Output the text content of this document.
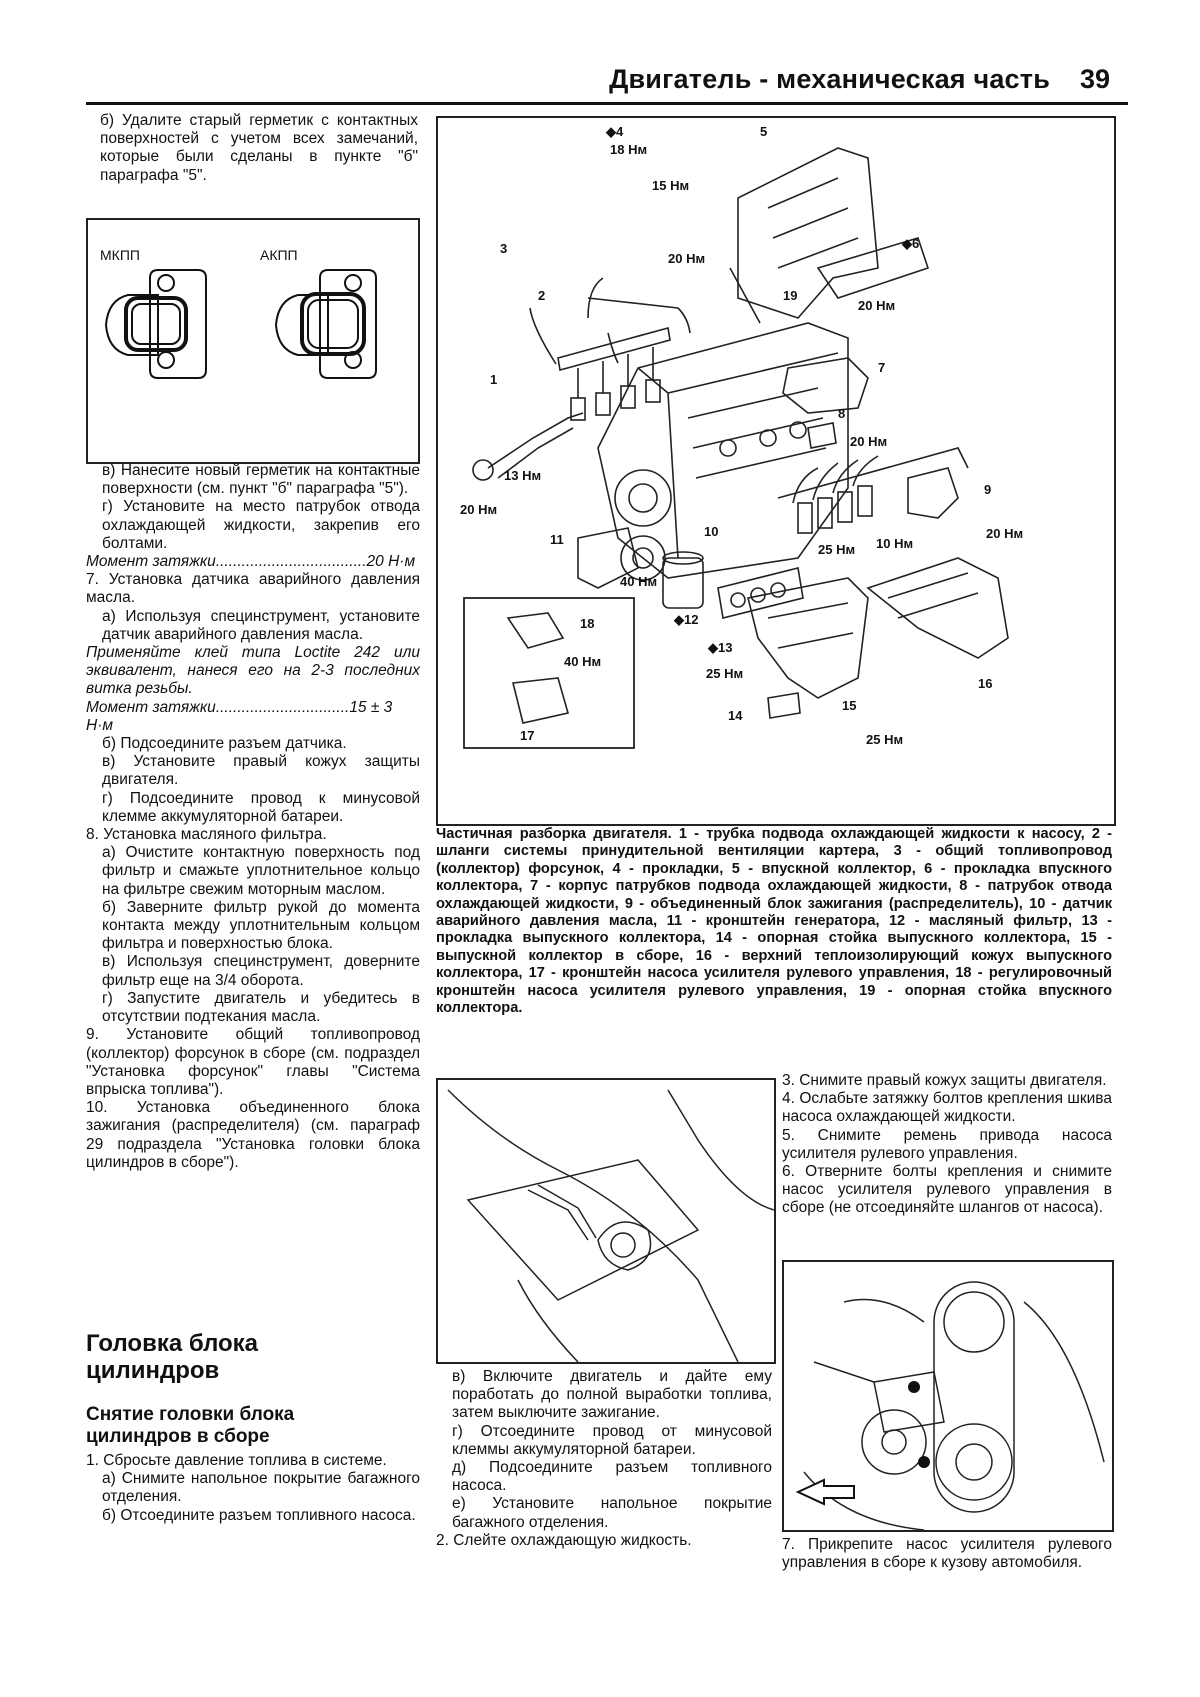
Двигатель - механическая часть 39

б) Удалите старый герметик с контактных поверхностей с учетом всех замечаний, которые были сделаны в пункте "б" параграфа "5".

МКПП	АКПП

в) Нанесите новый герметик на контактные поверхности (см. пункт "б" параграфа "5").

г) Установите на место патрубок отвода охлаждающей жидкости, закрепив его болтами.

Момент затяжки...................................20 Н·м

7. Установка датчика аварийного давления масла.

а) Используя специнструмент, установите датчик аварийного давления масла.

Применяйте клей типа Loctite 242 или эквивалент, нанеся его на 2-3 последних витка резьбы.

Момент затяжки...............................15 ± 3 Н·м

б) Подсоедините разъем датчика.

в) Установите правый кожух защиты двигателя.

г) Подсоедините провод к минусовой клемме аккумуляторной батареи.

8. Установка масляного фильтра.

а) Очистите контактную поверхность под фильтр и смажьте уплотнительное кольцо на фильтре свежим моторным маслом.

б) Заверните фильтр рукой до момента контакта между уплотнительным кольцом фильтра и поверхностью блока.

в) Используя специнструмент, доверните фильтр еще на 3/4 оборота.

г) Запустите двигатель и убедитесь в отсутствии подтекания масла.

9. Установите общий топливопровод (коллектор) форсунок в сборе (см. подраздел "Установка форсунок" главы "Система впрыска топлива").

10. Установка объединенного блока зажигания (распределителя) (см. параграф 29 подраздела "Установка головки блока цилиндров в сборе").

Головка блока цилиндров
Снятие головки блока цилиндров в сборе

1. Сбросьте давление топлива в системе.

а) Снимите напольное покрытие багажного отделения.

б) Отсоедините разъем топливного насоса.

◆4	5
18 Нм
15 Нм
3	◆6
20 Нм
2	19
20 Нм
7
1
8
20 Нм
13 Нм
9
20 Нм
10
11	20 Нм
10 Нм
25 Нм
40 Нм
◆12
18
◆13
40 Нм
25 Нм
16
15
14
17	25 Нм
Частичная разборка двигателя. 1 - трубка подвода охлаждающей жидкости к насосу, 2 - шланги системы принудительной вентиляции картера, 3 - общий топливопровод (коллектор) форсунок, 4 - прокладки, 5 - впускной коллектор, 6 - прокладка впускного коллектора, 7 - корпус патрубков подвода охлаждающей жидкости, 8 - патрубок отвода охлаждающей жидкости, 9 - объединенный блок зажигания (распределитель), 10 - датчик аварийного давления масла, 11 - кронштейн генератора, 12 - масляный фильтр, 13 - прокладка выпускного коллектора, 14 - опорная стойка выпускного коллектора, 15 - выпускной коллектор в сборе, 16 - верхний теплоизолирующий кожух выпускного коллектора, 17 - кронштейн насоса усилителя рулевого управления, 18 - регулировочный кронштейн насоса усилителя рулевого управления, 19 - опорная стойка впускного коллектора.

в) Включите двигатель и дайте ему поработать до полной выработки топлива, затем выключите зажигание.

г) Отсоедините провод от минусовой клеммы аккумуляторной батареи.

д) Подсоедините разъем топливного насоса.

е) Установите напольное покрытие багажного отделения.

2. Слейте охлаждающую жидкость.

3. Снимите правый кожух защиты двигателя.

4. Ослабьте затяжку болтов крепления шкива насоса охлаждающей жидкости.

5. Снимите ремень привода насоса усилителя рулевого управления.

6. Отверните болты крепления и снимите насос усилителя рулевого управления в сборе (не отсоединяйте шлангов от насоса).

7. Прикрепите насос усилителя рулевого управления в сборе к кузову автомобиля.
